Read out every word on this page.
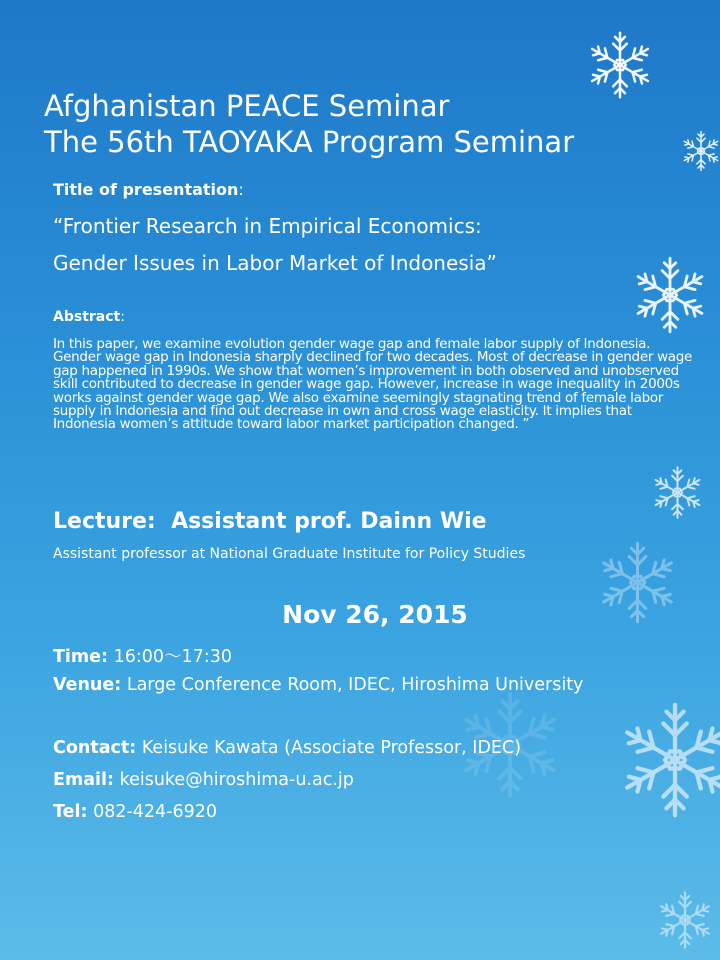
Afghanistan PEACE Seminar
The 56th TAOYAKA Program Seminar
Title of presentation:
“Frontier Research in Empirical Economics:
Gender Issues in Labor Market of Indonesia”
Abstract:

In this paper, we examine evolution gender wage gap and female labor supply of Indonesia. Gender wage gap in Indonesia sharply declined for two decades. Most of decrease in gender wage gap happened in 1990s. We show that women’s improvement in both observed and unobserved skill contributed to decrease in gender wage gap. However, increase in wage inequality in 2000s works against gender wage gap. We also examine seemingly stagnating trend of female labor supply in Indonesia and find out decrease in own and cross wage elasticity. It implies that Indonesia women’s attitude toward labor market participation changed. ”

Lecture: Assistant prof. Dainn Wie
Assistant professor at National Graduate Institute for Policy Studies
Nov 26, 2015
Time: 16:00～17:30
Venue: Large Conference Room, IDEC, Hiroshima University
Contact: Keisuke Kawata (Associate Professor, IDEC)
Email: keisuke@hiroshima-u.ac.jp
Tel: 082-424-6920
